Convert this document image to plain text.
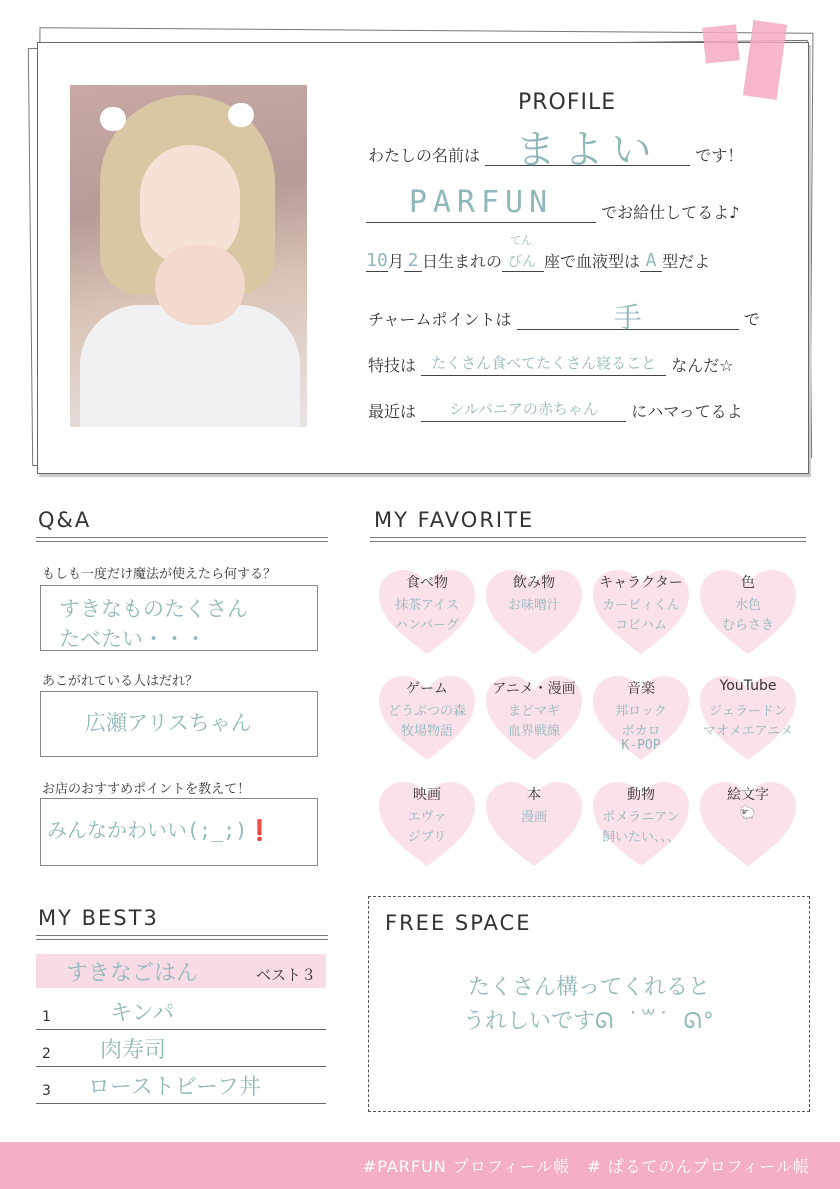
PROFILE
わたしの名前は まよい です！
PARFUN	でお給仕してるよ♪
10月 2 日生まれの
てん
びん 座で血液型は A 型だよ
チャームポイントは	手	で
特技は たくさん食べてたくさん寝ること なんだ☆
最近は シルバニアの赤ちゃん にハマってるよ
Q&A
もしも一度だけ魔法が使えたら何する？
すきなものたくさん
たべたい・・・
あこがれている人はだれ？
広瀬アリスちゃん
お店のおすすめポイントを教えて！
みんなかわいい(;_;)❗
MY FAVORITE
食べ物
抹茶アイス
ハンバーグ
飲み物
お味噌汁
キャラクター
カービィくん
コビハム
色
水色
むらさき
ゲーム
どうぶつの森
牧場物語
アニメ・漫画
まどマギ
血界戦線
音楽
邦ロック
ボカロ
K-POP
YouTube
ジェラードン
マオメエアニメ
映画
エヴァ
ジブリ
本
漫画
動物
ポメラニアン
飼いたい、、、
絵文字
🐑
MY BEST3
すきなごはん	ベスト３
1	キンパ
2 肉寿司
3 ローストビーフ丼
FREE SPACE
たくさん構ってくれると
うれしいですᘏ ˙꒳˙ ᘏ°
#PARFUN プロフィール帳　# ぱるてのんプロフィール帳
